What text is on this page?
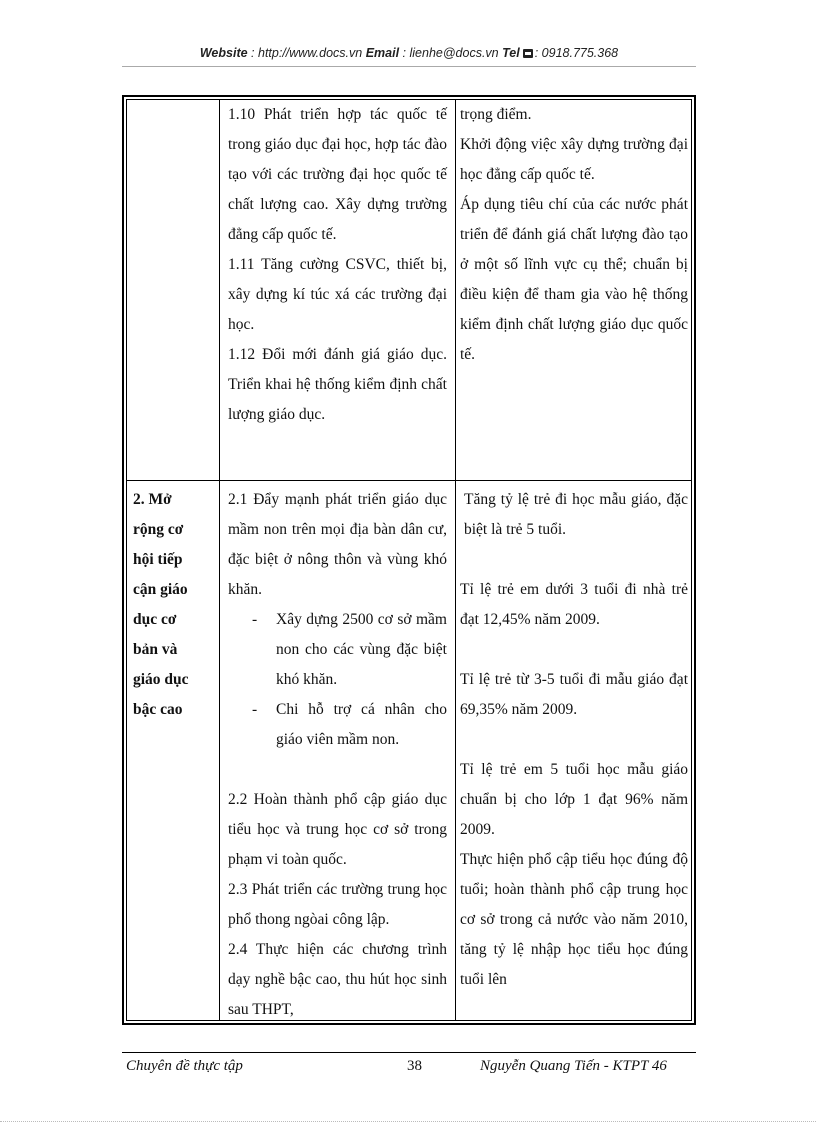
Website : http://www.docs.vn Email : lienhe@docs.vn Tel : 0918.775.368

1.10 Phát triển hợp tác quốc tế trong giáo dục đại học, hợp tác đào tạo với các trường đại học quốc tế chất lượng cao. Xây dựng trường đẳng cấp quốc tế.

1.11 Tăng cường CSVC, thiết bị, xây dựng kí túc xá các trường đại học.

1.12 Đổi mới đánh giá giáo dục. Triển khai hệ thống kiểm định chất lượng giáo dục.

trọng điểm.

Khởi động việc xây dựng trường đại học đẳng cấp quốc tế.

Áp dụng tiêu chí của các nước phát triển để đánh giá chất lượng đào tạo ở một số lĩnh vực cụ thể; chuẩn bị điều kiện để tham gia vào hệ thống kiểm định chất lượng giáo dục quốc tế.

2. Mở

rộng cơ

hội tiếp

cận giáo

dục cơ

bản và

giáo dục

bậc cao

2.1 Đẩy mạnh phát triển giáo dục mầm non trên mọi địa bàn dân cư, đặc biệt ở nông thôn và vùng khó khăn.

- Xây dựng 2500 cơ sở mầm non cho các vùng đặc biệt khó khăn.

- Chi hỗ trợ cá nhân cho giáo viên mầm non.

2.2 Hoàn thành phổ cập giáo dục tiểu học và trung học cơ sở trong phạm vi toàn quốc.

2.3 Phát triển các trường trung học phổ thong ngòai công lập.

2.4 Thực hiện các chương trình dạy nghề bậc cao, thu hút học sinh sau THPT,

Tăng tỷ lệ trẻ đi học mẫu giáo, đặc biệt là trẻ 5 tuổi.

Tỉ lệ trẻ em dưới 3 tuổi đi nhà trẻ đạt 12,45% năm 2009.

Tỉ lệ trẻ từ 3-5 tuổi đi mẫu giáo đạt 69,35% năm 2009.

Tỉ lệ trẻ em 5 tuổi học mẫu giáo chuẩn bị cho lớp 1 đạt 96% năm 2009.

Thực hiện phổ cập tiểu học đúng độ tuổi; hoàn thành phổ cập trung học cơ sở trong cả nước vào năm 2010, tăng tỷ lệ nhập học tiểu học đúng tuổi lên

Chuyên đề thực tập	38	Nguyễn Quang Tiến - KTPT 46
